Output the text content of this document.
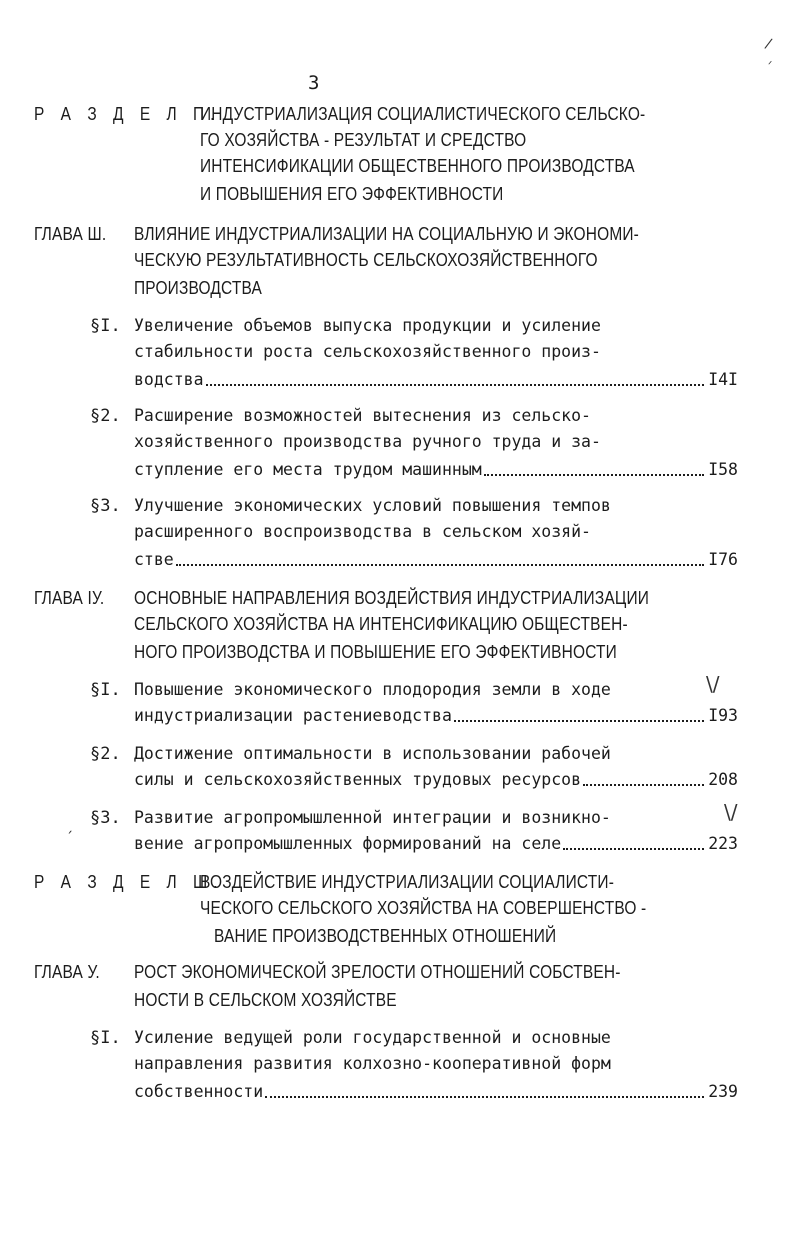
3
/
ᐟ
\/
\/
ˏ
Р А З Д Е Л П.
ИНДУСТРИАЛИЗАЦИЯ СОЦИАЛИСТИЧЕСКОГО СЕЛЬСКО-
ГО ХОЗЯЙСТВА - РЕЗУЛЬТАТ И СРЕДСТВО
ИНТЕНСИФИКАЦИИ ОБЩЕСТВЕННОГО ПРОИЗВОДСТВА
И ПОВЫШЕНИЯ ЕГО ЭФФЕКТИВНОСТИ
ГЛАВА Ш. ВЛИЯНИЕ ИНДУСТРИАЛИЗАЦИИ НА СОЦИАЛЬНУЮ И ЭКОНОМИ-
ЧЕСКУЮ РЕЗУЛЬТАТИВНОСТЬ СЕЛЬСКОХОЗЯЙСТВЕННОГО
ПРОИЗВОДСТВА
§I. Увеличение объемов выпуска продукции и усиление
стабильности роста сельскохозяйственного произ-
водства	I4I
§2. Расширение возможностей вытеснения из сельско-
хозяйственного производства ручного труда и за-
ступление его места трудом машинным	I58
§3. Улучшение экономических условий повышения темпов
расширенного воспроизводства в сельском хозяй-
стве	I76
ГЛАВА IУ. ОСНОВНЫЕ НАПРАВЛЕНИЯ ВОЗДЕЙСТВИЯ ИНДУСТРИАЛИЗАЦИИ
СЕЛЬСКОГО ХОЗЯЙСТВА НА ИНТЕНСИФИКАЦИЮ ОБЩЕСТВЕН-
НОГО ПРОИЗВОДСТВА И ПОВЫШЕНИЕ ЕГО ЭФФЕКТИВНОСТИ
§I. Повышение экономического плодородия земли в ходе
индустриализации растениеводства	I93
§2. Достижение оптимальности в использовании рабочей
силы и сельскохозяйственных трудовых ресурсов	208
§3. Развитие агропромышленной интеграции и возникно-
вение агропромышленных формирований на селе	223
Р А З Д Е Л Ш.
ВОЗДЕЙСТВИЕ ИНДУСТРИАЛИЗАЦИИ СОЦИАЛИСТИ-
ЧЕСКОГО СЕЛЬСКОГО ХОЗЯЙСТВА НА СОВЕРШЕНСТВО -
ВАНИЕ ПРОИЗВОДСТВЕННЫХ ОТНОШЕНИЙ
ГЛАВА У. РОСТ ЭКОНОМИЧЕСКОЙ ЗРЕЛОСТИ ОТНОШЕНИЙ СОБСТВЕН-
НОСТИ В СЕЛЬСКОМ ХОЗЯЙСТВЕ
§I. Усиление ведущей роли государственной и основные
направления развития колхозно-кооперативной форм
собственности	239
